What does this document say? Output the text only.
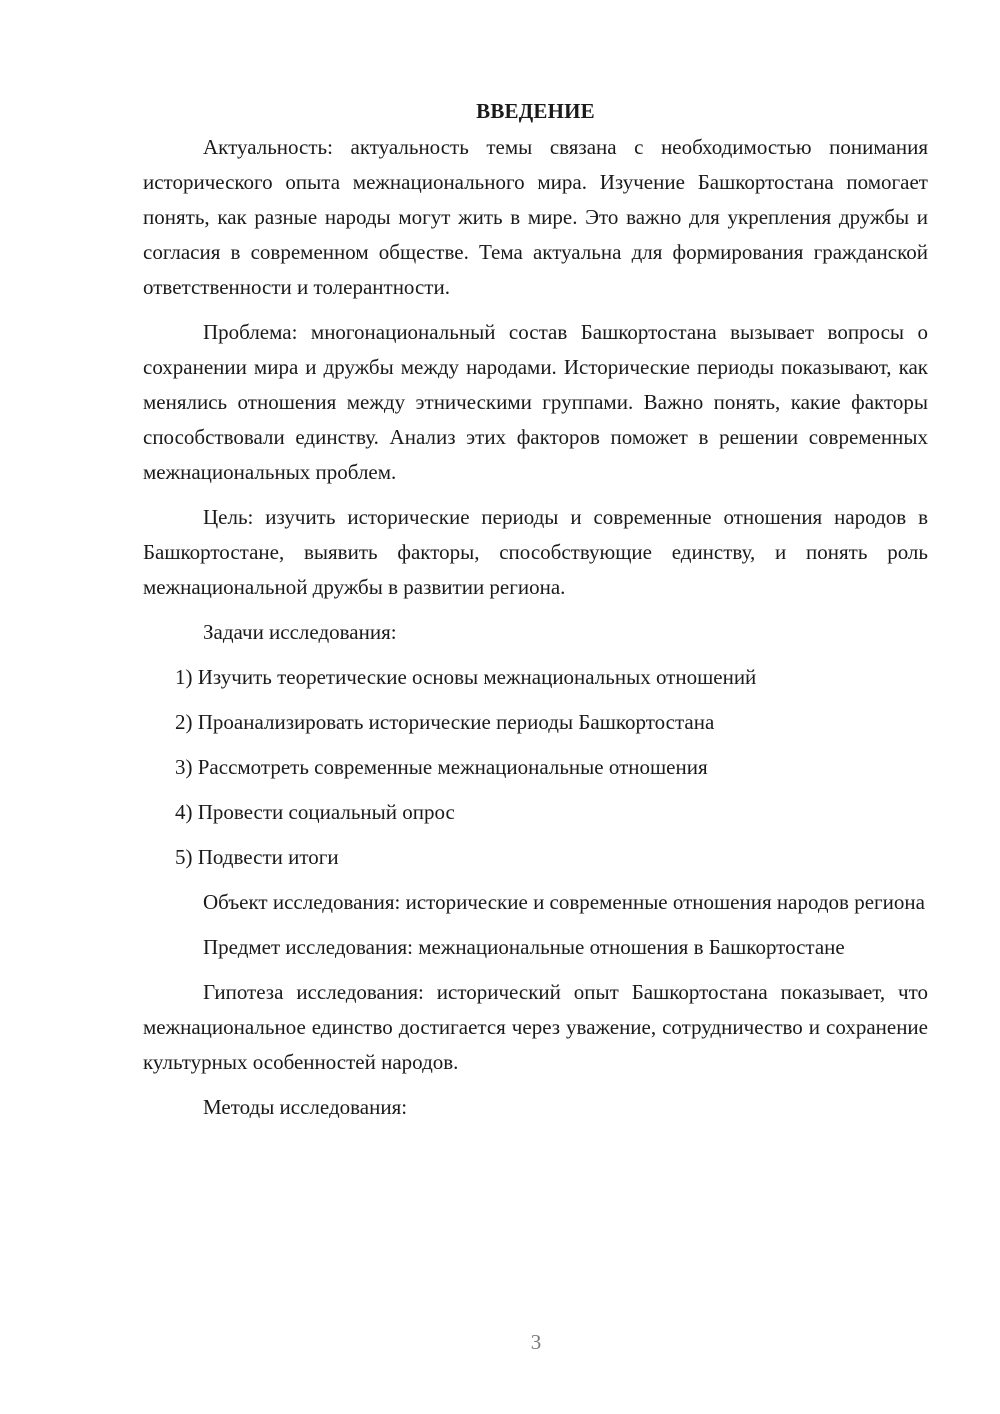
ВВЕДЕНИЕ

Актуальность: актуальность темы связана с необходимостью понимания исторического опыта межнационального мира. Изучение Башкортостана помогает понять, как разные народы могут жить в мире. Это важно для укрепления дружбы и согласия в современном обществе. Тема актуальна для формирования гражданской ответственности и толерантности.

Проблема: многонациональный состав Башкортостана вызывает вопросы о сохранении мира и дружбы между народами. Исторические периоды показывают, как менялись отношения между этническими группами. Важно понять, какие факторы способствовали единству. Анализ этих факторов поможет в решении современных межнациональных проблем.

Цель: изучить исторические периоды и современные отношения народов в Башкортостане, выявить факторы, способствующие единству, и понять роль межнациональной дружбы в развитии региона.

Задачи исследования:

1) Изучить теоретические основы межнациональных отношений
2) Проанализировать исторические периоды Башкортостана
3) Рассмотреть современные межнациональные отношения
4) Провести социальный опрос
5) Подвести итоги

Объект исследования: исторические и современные отношения народов региона

Предмет исследования: межнациональные отношения в Башкортостане

Гипотеза исследования: исторический опыт Башкортостана показывает, что межнациональное единство достигается через уважение, сотрудничество и сохранение культурных особенностей народов.

Методы исследования:

3
